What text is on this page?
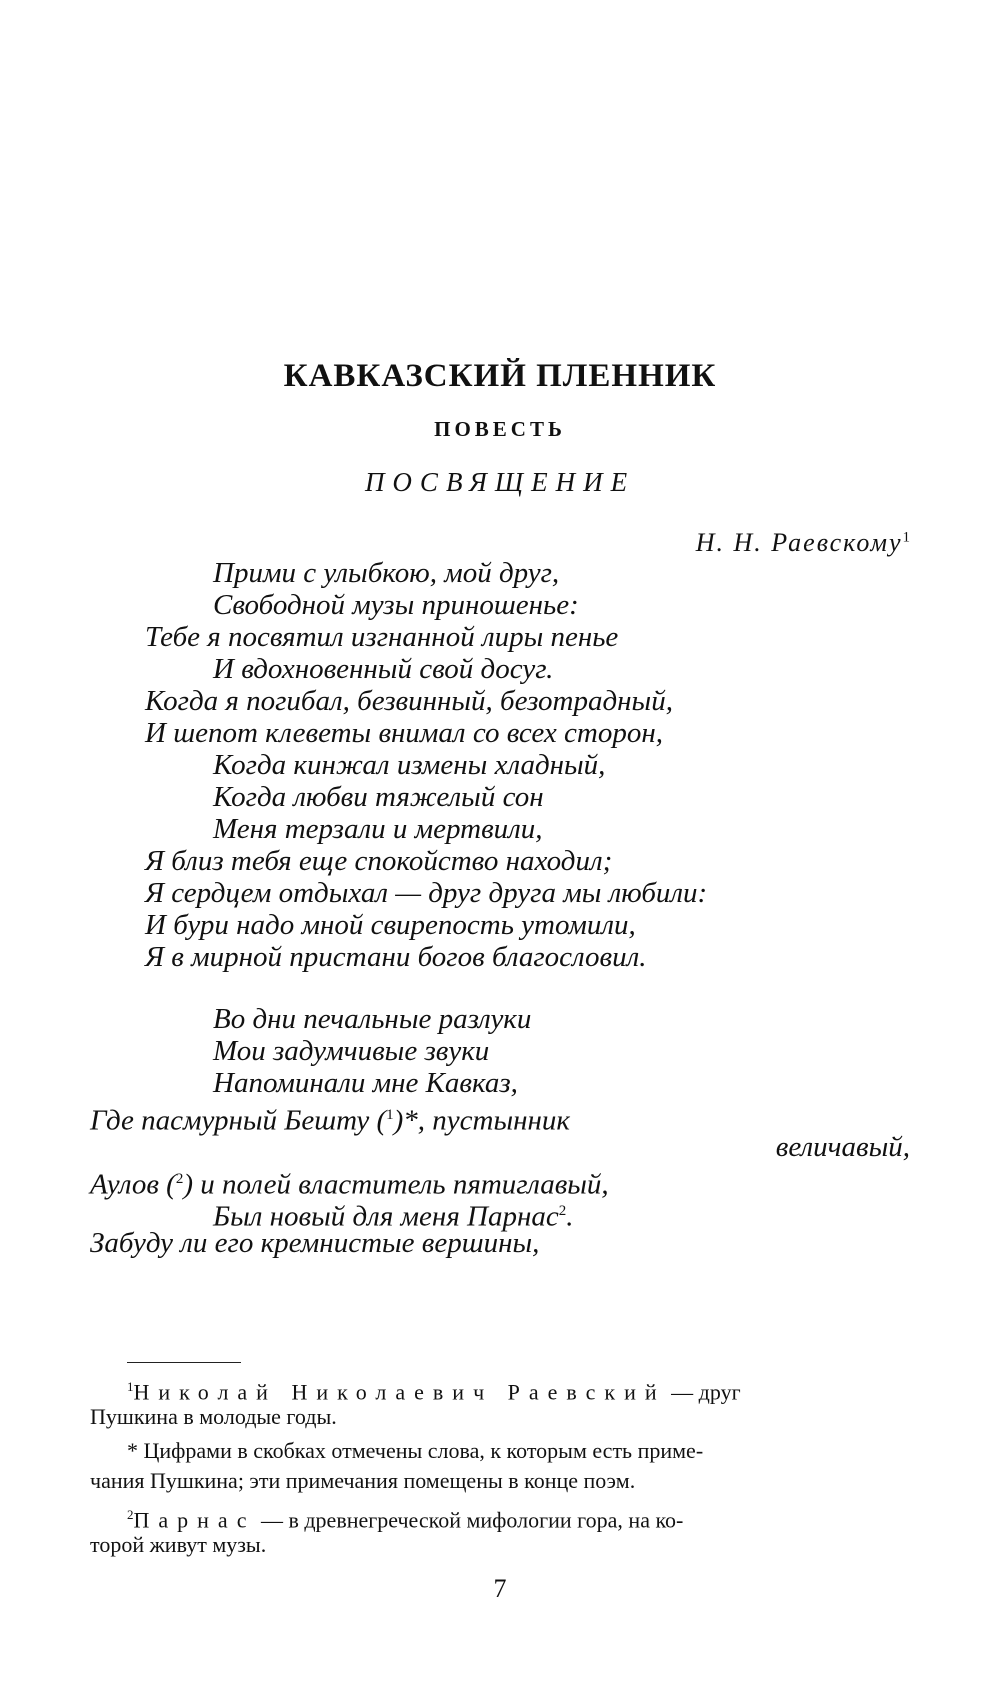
КАВКАЗСКИЙ ПЛЕННИК
ПОВЕСТЬ
ПОСВЯЩЕНИЕ
Н. Н. Раевскому$^1$
Прими с улыбкою, мой друг,
Свободной музы приношенье:
Тебе я посвятил изгнанной лиры пенье
И вдохновенный свой досуг.
Когда я погибал, безвинный, безотрадный,
И шепот клеветы внимал со всех сторон,
Когда кинжал измены хладный,
Когда любви тяжелый сон
Меня терзали и мертвили,
Я близ тебя еще спокойство находил;
Я сердцем отдыхал — друг друга мы любили:
И бури надо мной свирепость утомили,
Я в мирной пристани богов благословил.
Во дни печальные разлуки
Мои задумчивые звуки
Напоминали мне Кавказ,
Где пасмурный Бешту ($^1$)*, пустынник
величавый,
Аулов ($^2$) и полей властитель пятиглавый,
Был новый для меня Парнас$^2$.
Забуду ли его кремнистые вершины,
$^1$Николай Николаевич Раевский — друг
Пушкина в молодые годы.
* Цифрами в скобках отмечены слова, к которым есть приме-
чания Пушкина; эти примечания помещены в конце поэм.
$^2$Парнас — в древнегреческой мифологии гора, на ко-
торой живут музы.
7
